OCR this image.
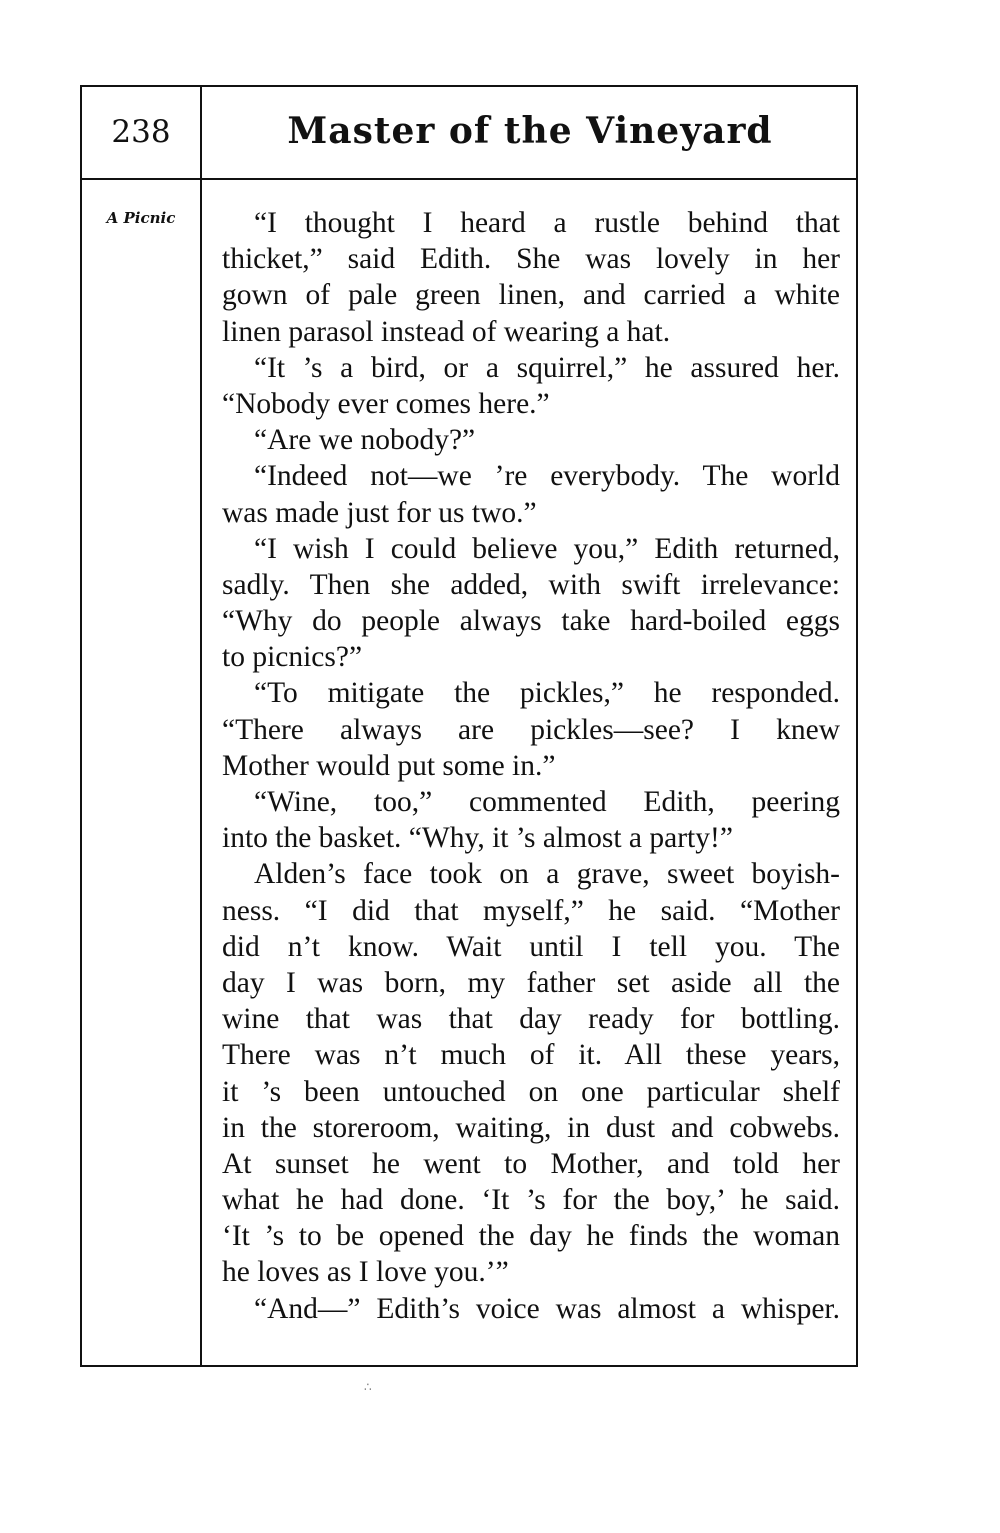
238	Master of the Vineyard
A Picnic	“I thought I heard a rustle behind that
thicket,” said Edith. She was lovely in her
gown of pale green linen, and carried a white
linen parasol instead of wearing a hat.
“It ’s a bird, or a squirrel,” he assured her.
“Nobody ever comes here.”
“Are we nobody?”
“Indeed not—we ’re everybody. The world
was made just for us two.”
“I wish I could believe you,” Edith returned,
sadly. Then she added, with swift irrelevance:
“Why do people always take hard-boiled eggs
to picnics?”
“To mitigate the pickles,” he responded.
“There always are pickles—see? I knew
Mother would put some in.”
“Wine, too,” commented Edith, peering
into the basket. “Why, it ’s almost a party!”
Alden’s face took on a grave, sweet boyish-
ness. “I did that myself,” he said. “Mother
did n’t know. Wait until I tell you. The
day I was born, my father set aside all the
wine that was that day ready for bottling.
There was n’t much of it. All these years,
it ’s been untouched on one particular shelf
in the storeroom, waiting, in dust and cobwebs.
At sunset he went to Mother, and told her
what he had done. ‘It ’s for the boy,’ he said.
‘It ’s to be opened the day he finds the woman
he loves as I love you.’”
“And—” Edith’s voice was almost a whisper.
∴
